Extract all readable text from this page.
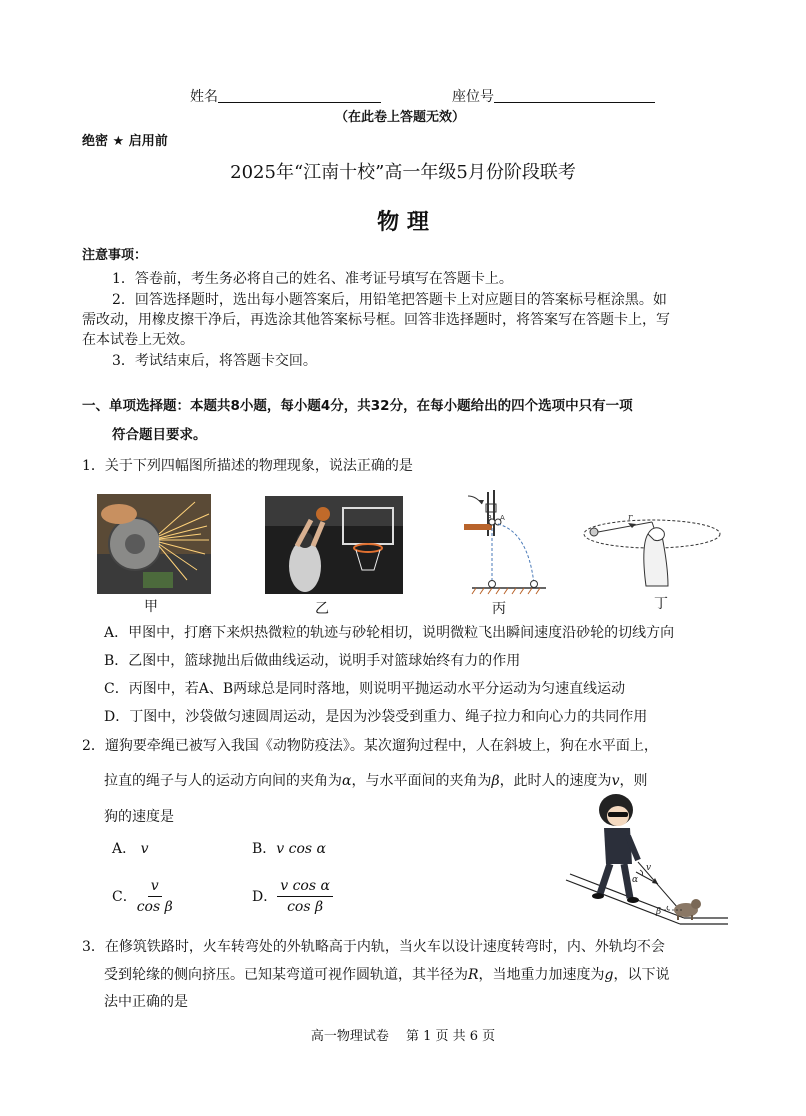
姓名	座位号
（在此卷上答题无效）
绝密 ★ 启用前
2025年“江南十校”高一年级5月份阶段联考
物 理
注意事项：
1．答卷前，考生务必将自己的姓名、准考证号填写在答题卡上。
2．回答选择题时，选出每小题答案后，用铅笔把答题卡上对应题目的答案标号框涂黑。如
需改动，用橡皮擦干净后，再选涂其他答案标号框。回答非选择题时，将答案写在答题卡上，写
在本试卷上无效。
3．考试结束后，将答题卡交回。
一、单项选择题：本题共8小题，每小题4分，共32分，在每小题给出的四个选项中只有一项
符合题目要求。
1．关于下列四幅图所描述的物理现象，说法正确的是
甲	乙
B A
丙
r
丁
A．甲图中，打磨下来炽热微粒的轨迹与砂轮相切，说明微粒飞出瞬间速度沿砂轮的切线方向
B．乙图中，篮球抛出后做曲线运动，说明手对篮球始终有力的作用
C．丙图中，若A、B两球总是同时落地，则说明平抛运动水平分运动为匀速直线运动
D．丁图中，沙袋做匀速圆周运动，是因为沙袋受到重力、绳子拉力和向心力的共同作用
2．遛狗要牵绳已被写入我国《动物防疫法》。某次遛狗过程中，人在斜坡上，狗在水平面上，
拉直的绳子与人的运动方向间的夹角为α，与水平面间的夹角为β，此时人的速度为v，则
狗的速度是
A． v	B．v cos α
C． $\frac{v}{\text{cos β}}$	D． $\frac{\text{v cos α}}{\text{cos β}}$
v
α
β
3．在修筑铁路时，火车转弯处的外轨略高于内轨，当火车以设计速度转弯时，内、外轨均不会
受到轮缘的侧向挤压。已知某弯道可视作圆轨道，其半径为R，当地重力加速度为g，以下说
法中正确的是
高一物理试卷　 第 1 页 共 6 页
